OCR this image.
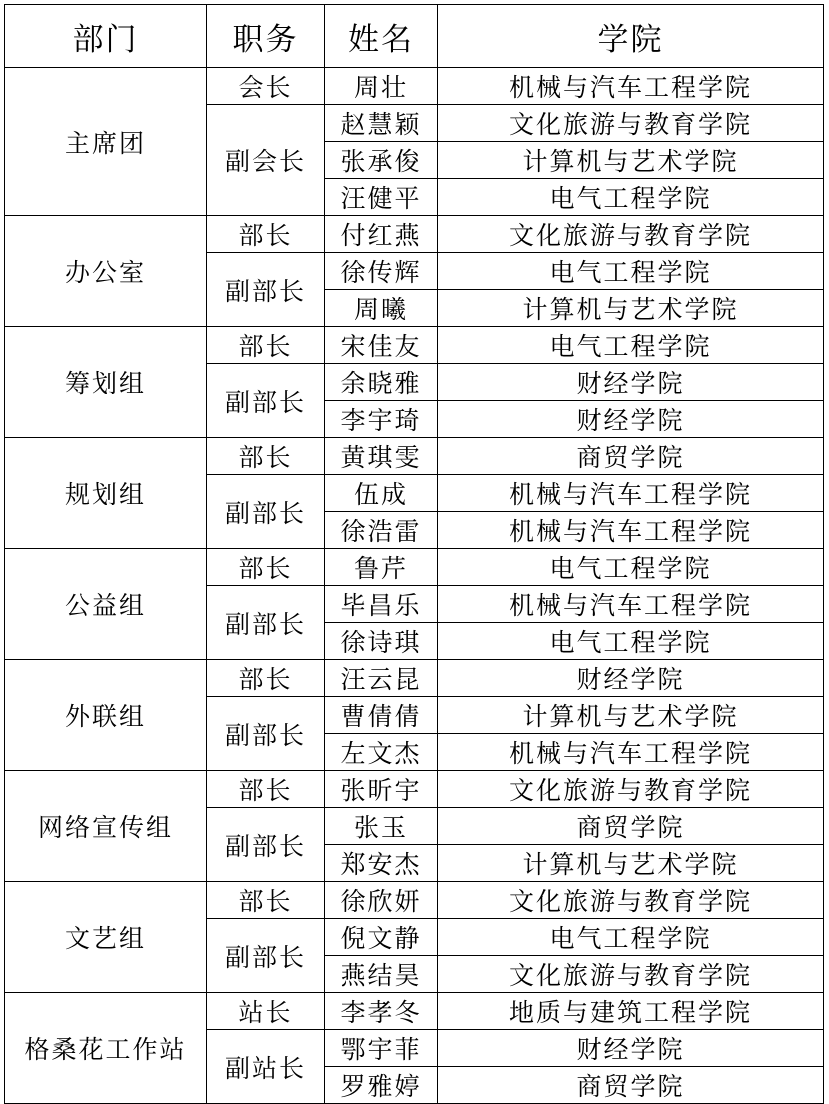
部门	职务	姓名	学院
主席团	会长	周壮	机械与汽车工程学院
	副会长	赵慧颖	文化旅游与教育学院
		张承俊	计算机与艺术学院
		汪健平	电气工程学院
办公室	部长	付红燕	文化旅游与教育学院
	副部长	徐传辉	电气工程学院
		周曦	计算机与艺术学院
筹划组	部长	宋佳友	电气工程学院
	副部长	余晓雅	财经学院
		李宇琦	财经学院
规划组	部长	黄琪雯	商贸学院
	副部长	伍成	机械与汽车工程学院
		徐浩雷	机械与汽车工程学院
公益组	部长	鲁芹	电气工程学院
	副部长	毕昌乐	机械与汽车工程学院
		徐诗琪	电气工程学院
外联组	部长	汪云昆	财经学院
	副部长	曹倩倩	计算机与艺术学院
		左文杰	机械与汽车工程学院
网络宣传组	部长	张昕宇	文化旅游与教育学院
	副部长	张玉	商贸学院
		郑安杰	计算机与艺术学院
文艺组	部长	徐欣妍	文化旅游与教育学院
	副部长	倪文静	电气工程学院
		燕结昊	文化旅游与教育学院
格桑花工作站	站长	李孝冬	地质与建筑工程学院
	副站长	鄂宇菲	财经学院
		罗雅婷	商贸学院
